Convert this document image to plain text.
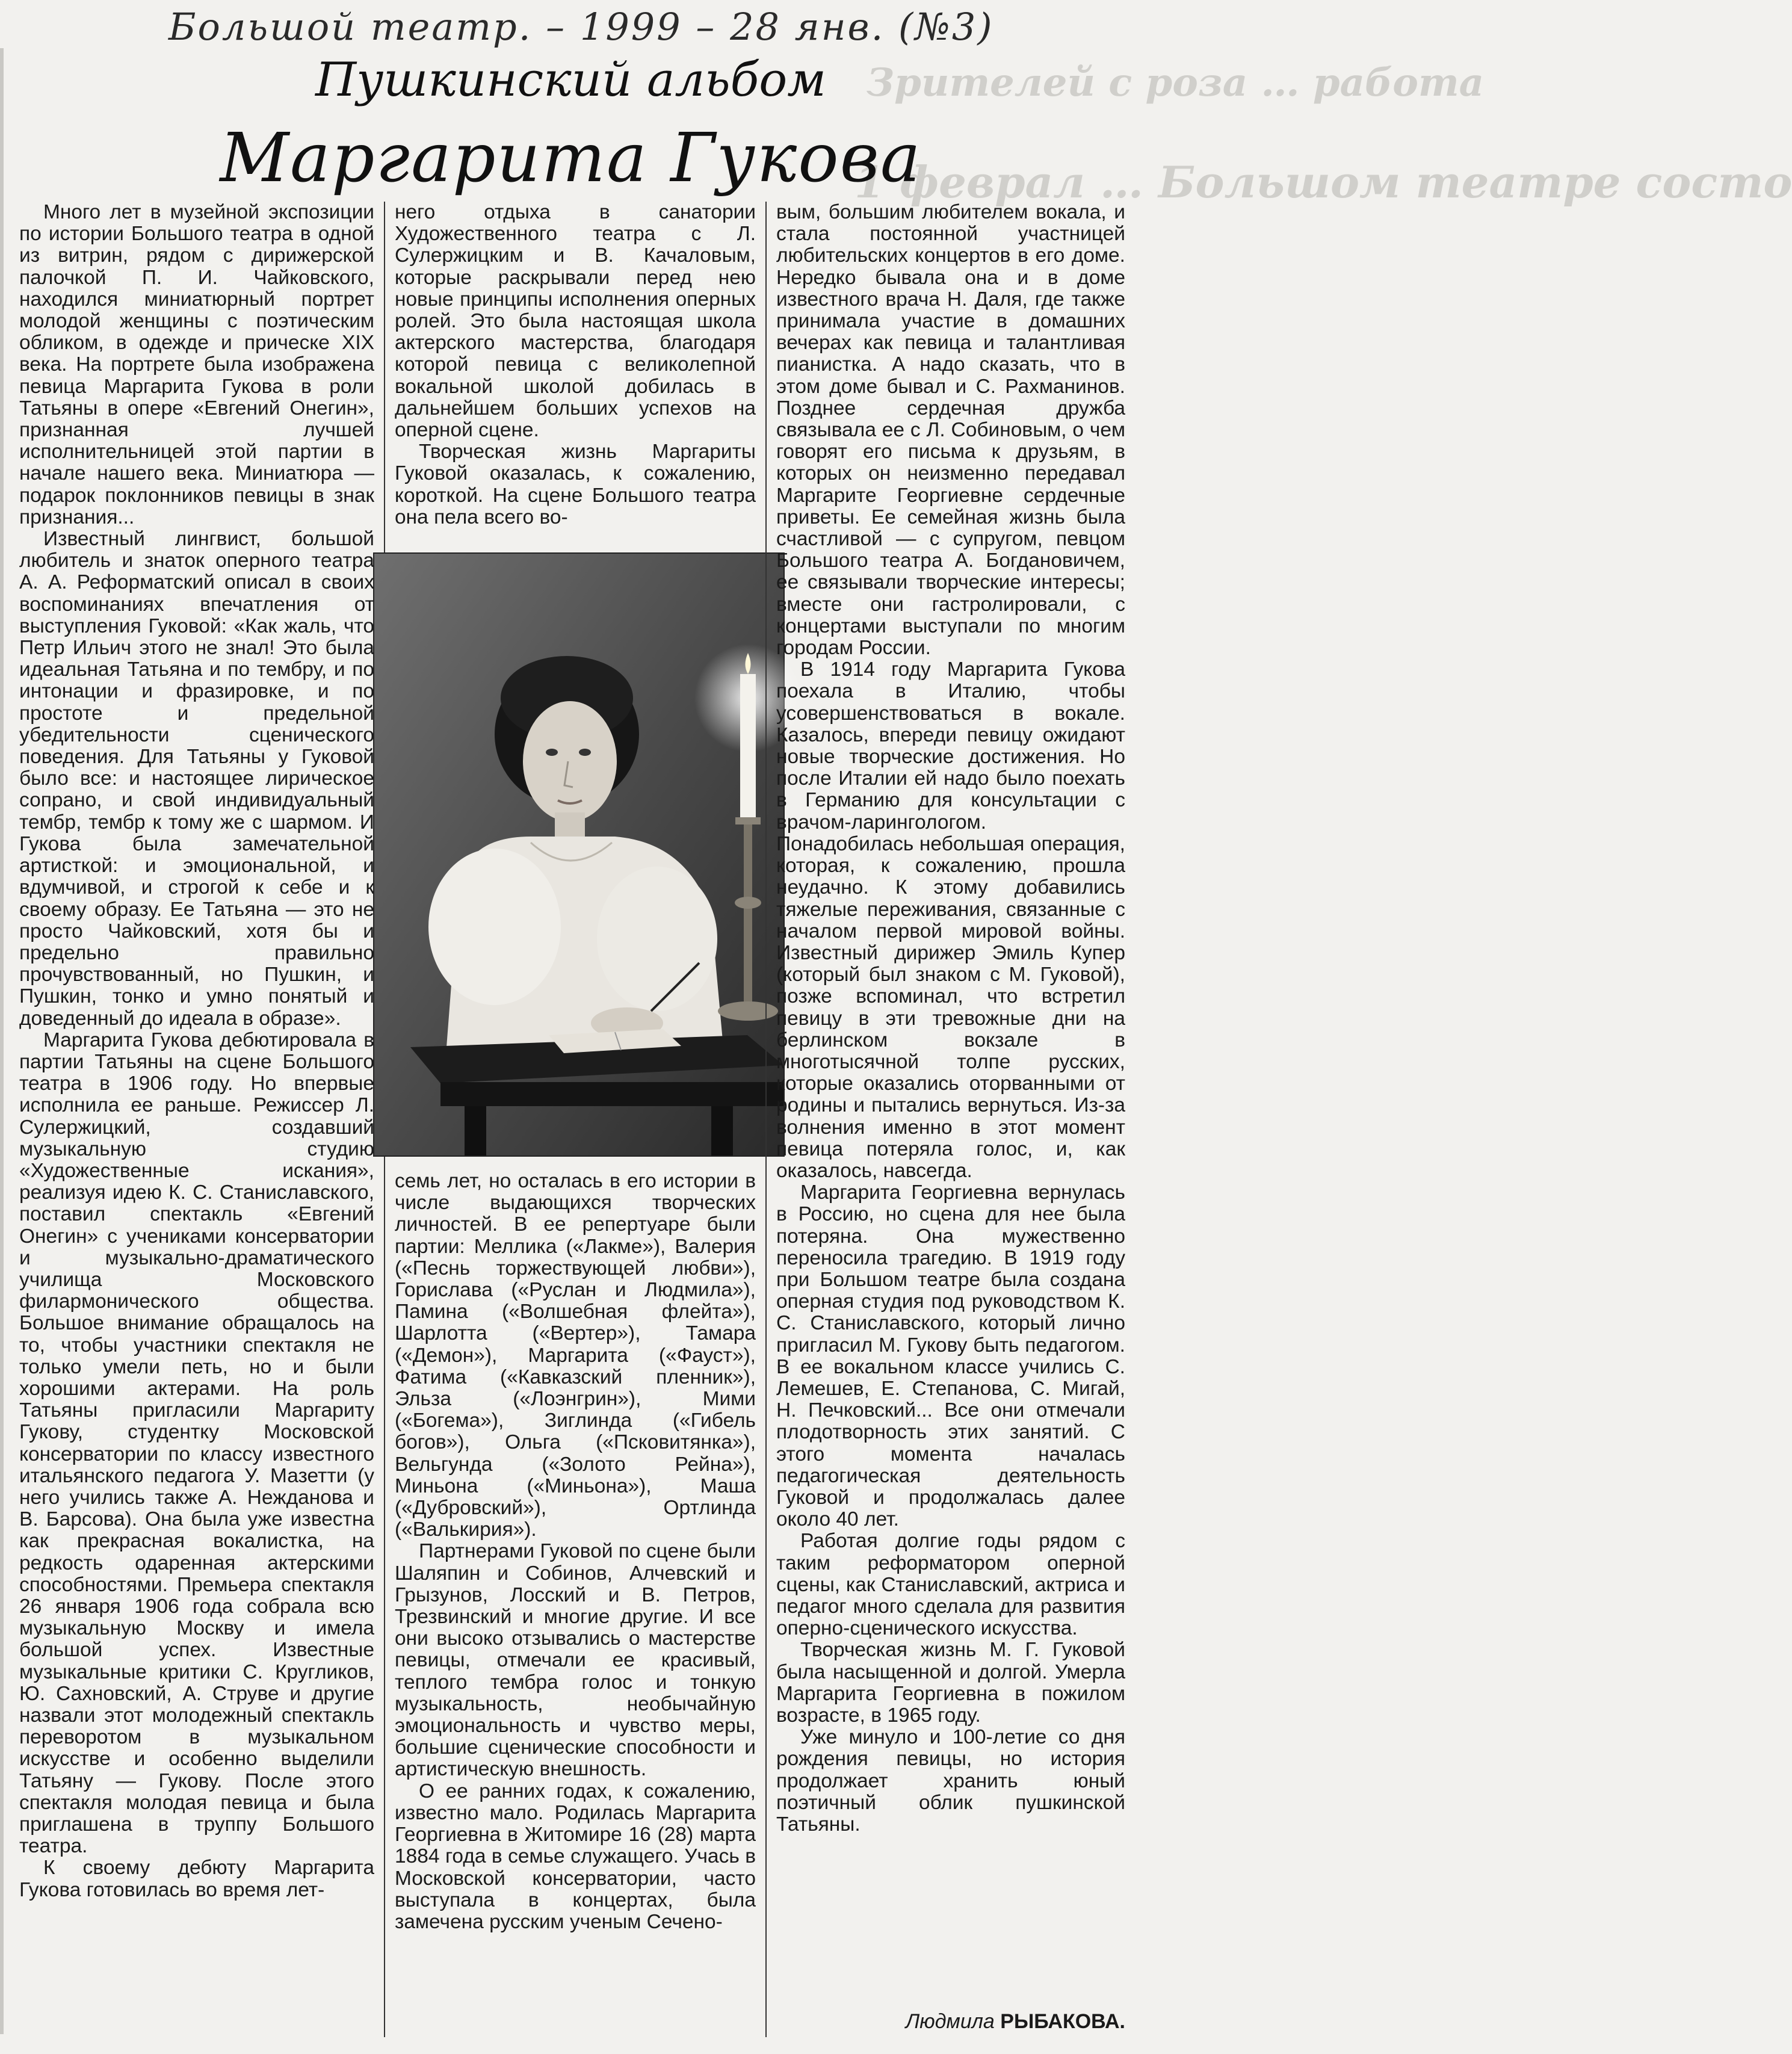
Зрителей с роза … работа
1 феврал … Большом театре состо
Большой театр. – 1999 – 28 янв. (№3)
Пушкинский альбом
Маргарита Гукова

Много лет в музейной экспозиции по истории Большого театра в одной из витрин, рядом с дирижерской палочкой П. И. Чайковского, находился миниатюрный портрет молодой женщины с поэтическим обликом, в одежде и прическе XIX века. На портрете была изображена певица Маргарита Гукова в роли Татьяны в опере «Евгений Онегин», признанная лучшей исполнительницей этой партии в начале нашего века. Миниатюра — подарок поклонников певицы в знак признания...

Известный лингвист, большой любитель и знаток оперного театра А. А. Реформатский описал в своих воспоминаниях впечатления от выступления Гуковой: «Как жаль, что Петр Ильич этого не знал! Это была идеальная Татьяна и по тембру, и по интонации и фразировке, и по простоте и предельной убедительности сценического поведения. Для Татьяны у Гуковой было все: и настоящее лирическое сопрано, и свой индивидуальный тембр, тембр к тому же с шармом. И Гукова была замечательной артисткой: и эмоциональной, и вдумчивой, и строгой к себе и к своему образу. Ее Татьяна — это не просто Чайковский, хотя бы и предельно правильно прочувствованный, но Пушкин, и Пушкин, тонко и умно понятый и доведенный до идеала в образе».

Маргарита Гукова дебютировала в партии Татьяны на сцене Большого театра в 1906 году. Но впервые исполнила ее раньше. Режиссер Л. Сулержицкий, создавший музыкальную студию «Художественные искания», реализуя идею К. С. Станиславского, поставил спектакль «Евгений Онегин» с учениками консерватории и музыкально-драматического училища Московского филармонического общества. Большое внимание обращалось на то, чтобы участники спектакля не только умели петь, но и были хорошими актерами. На роль Татьяны пригласили Маргариту Гукову, студентку Московской консерватории по классу известного итальянского педагога У. Мазетти (у него учились также А. Нежданова и В. Барсова). Она была уже известна как прекрасная вокалистка, на редкость одаренная актерскими способностями. Премьера спектакля 26 января 1906 года собрала всю музыкальную Москву и имела большой успех. Известные музыкальные критики С. Кругликов, Ю. Сахновский, А. Струве и другие назвали этот молодежный спектакль переворотом в музыкальном искусстве и особенно выделили Татьяну — Гукову. После этого спектакля молодая певица и была приглашена в труппу Большого театра.

К своему дебюту Маргарита Гукова готовилась во время лет-

него отдыха в санатории Художественного театра с Л. Сулержицким и В. Качаловым, которые раскрывали перед нею новые принципы исполнения оперных ролей. Это была настоящая школа актерского мастерства, благодаря которой певица с великолепной вокальной школой добилась в дальнейшем больших успехов на оперной сцене.

Творческая жизнь Маргариты Гуковой оказалась, к сожалению, короткой. На сцене Большого театра она пела всего во-

семь лет, но осталась в его истории в числе выдающихся творческих личностей. В ее репертуаре были партии: Меллика («Лакме»), Валерия («Песнь торжествующей любви»), Горислава («Руслан и Людмила»), Памина («Волшебная флейта»), Шарлотта («Вертер»), Тамара («Демон»), Маргарита («Фауст»), Фатима («Кавказский пленник»), Эльза («Лоэнгрин»), Мими («Богема»), Зиглинда («Гибель богов»), Ольга («Псковитянка»), Вельгунда («Золото Рейна»), Миньона («Миньона»), Маша («Дубровский»), Ортлинда («Валькирия»).

Партнерами Гуковой по сцене были Шаляпин и Собинов, Алчевский и Грызунов, Лосский и В. Петров, Трезвинский и многие другие. И все они высоко отзывались о мастерстве певицы, отмечали ее красивый, теплого тембра голос и тонкую музыкальность, необычайную эмоциональность и чувство меры, большие сценические способности и артистическую внешность.

О ее ранних годах, к сожалению, известно мало. Родилась Маргарита Георгиевна в Житомире 16 (28) марта 1884 года в семье служащего. Учась в Московской консерватории, часто выступала в концертах, была замечена русским ученым Сечено-

вым, большим любителем вокала, и стала постоянной участницей любительских концертов в его доме. Нередко бывала она и в доме известного врача Н. Даля, где также принимала участие в домашних вечерах как певица и талантливая пианистка. А надо сказать, что в этом доме бывал и С. Рахманинов. Позднее сердечная дружба связывала ее с Л. Собиновым, о чем говорят его письма к друзьям, в которых он неизменно передавал Маргарите Георгиевне сердечные приветы. Ее семейная жизнь была счастливой — с супругом, певцом Большого театра А. Богдановичем, ее связывали творческие интересы; вместе они гастролировали, с концертами выступали по многим городам России.

В 1914 году Маргарита Гукова поехала в Италию, чтобы усовершенствоваться в вокале. Казалось, впереди певицу ожидают новые творческие достижения. Но после Италии ей надо было поехать в Германию для консультации с врачом-ларингологом. Понадобилась небольшая операция, которая, к сожалению, прошла неудачно. К этому добавились тяжелые переживания, связанные с началом первой мировой войны. Известный дирижер Эмиль Купер (который был знаком с М. Гуковой), позже вспоминал, что встретил певицу в эти тревожные дни на берлинском вокзале в многотысячной толпе русских, которые оказались оторванными от родины и пытались вернуться. Из-за волнения именно в этот момент певица потеряла голос, и, как оказалось, навсегда.

Маргарита Георгиевна вернулась в Россию, но сцена для нее была потеряна. Она мужественно переносила трагедию. В 1919 году при Большом театре была создана оперная студия под руководством К. С. Станиславского, который лично пригласил М. Гукову быть педагогом. В ее вокальном классе учились С. Лемешев, Е. Степанова, С. Мигай, Н. Печковский... Все они отмечали плодотворность этих занятий. С этого момента началась педагогическая деятельность Гуковой и продолжалась далее около 40 лет.

Работая долгие годы рядом с таким реформатором оперной сцены, как Станиславский, актриса и педагог много сделала для развития оперно-сценического искусства.

Творческая жизнь М. Г. Гуковой была насыщенной и долгой. Умерла Маргарита Георгиевна в пожилом возрасте, в 1965 году.

Уже минуло и 100-летие со дня рождения певицы, но история продолжает хранить юный поэтичный облик пушкинской Татьяны.

Людмила РЫБАКОВА.
